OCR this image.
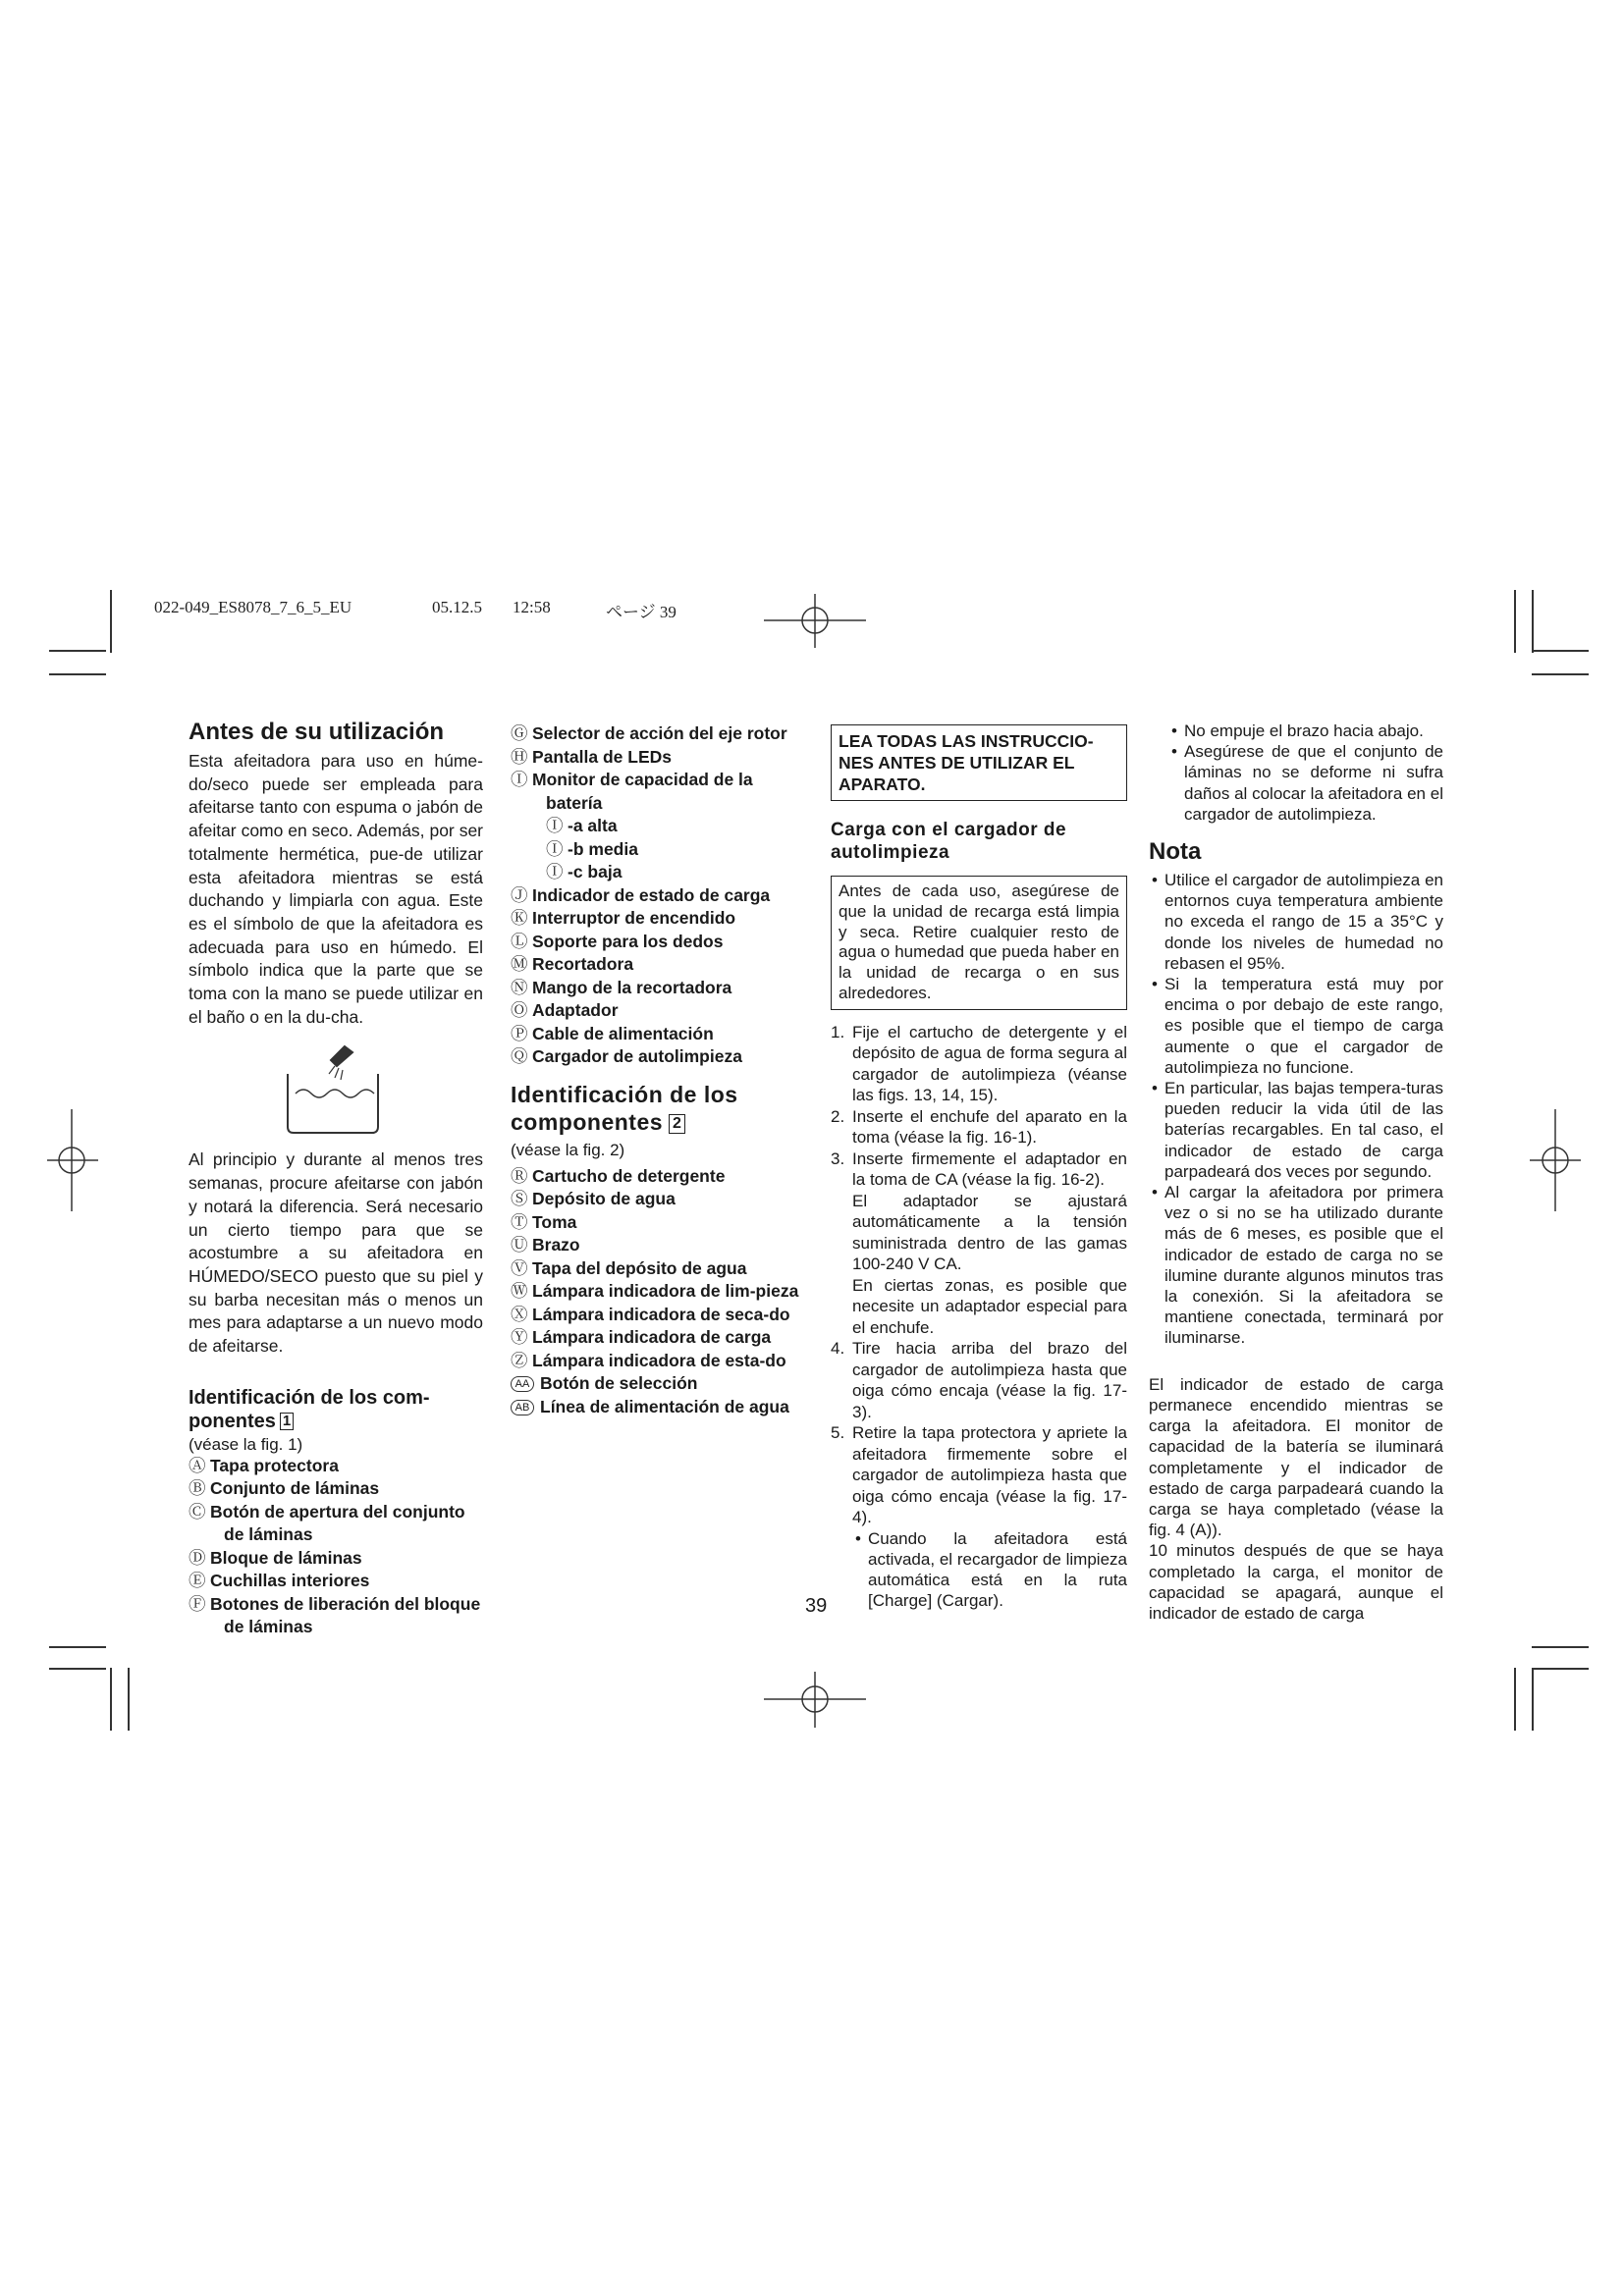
022-049_ES8078_7_6_5_EU	05.12.5 12:58	ページ 39
Antes de su utilización

Esta afeitadora para uso en húme-do/seco puede ser empleada para afeitarse tanto con espuma o jabón de afeitar como en seco. Además, por ser totalmente hermética, pue-de utilizar esta afeitadora mientras se está duchando y limpiarla con agua. Este es el símbolo de que la afeitadora es adecuada para uso en húmedo. El símbolo indica que la parte que se toma con la mano se puede utilizar en el baño o en la du-cha.

Al principio y durante al menos tres semanas, procure afeitarse con jabón y notará la diferencia. Será necesario un cierto tiempo para que se acostumbre a su afeitadora en HÚMEDO/SECO puesto que su piel y su barba necesitan más o menos un mes para adaptarse a un nuevo modo de afeitarse.

Identificación de los com-ponentes 1
(véase la fig. 1)
Ⓐ Tapa protectora
Ⓑ Conjunto de láminas
Ⓒ Botón de apertura del conjunto de láminas
Ⓓ Bloque de láminas
Ⓔ Cuchillas interiores
Ⓕ Botones de liberación del bloque de láminas
Ⓖ Selector de acción del eje rotor
Ⓗ Pantalla de LEDs
Ⓘ Monitor de capacidad de la batería
Ⓘ -a alta
Ⓘ -b media
Ⓘ -c baja
Ⓙ Indicador de estado de carga
Ⓚ Interruptor de encendido
Ⓛ Soporte para los dedos
Ⓜ Recortadora
Ⓝ Mango de la recortadora
Ⓞ Adaptador
Ⓟ Cable de alimentación
Ⓠ Cargador de autolimpieza
Identificación de los componentes 2
(véase la fig. 2)
Ⓡ Cartucho de detergente
Ⓢ Depósito de agua
Ⓣ Toma
Ⓤ Brazo
Ⓥ Tapa del depósito de agua
Ⓦ Lámpara indicadora de lim-pieza
Ⓧ Lámpara indicadora de seca-do
Ⓨ Lámpara indicadora de carga
Ⓩ Lámpara indicadora de esta-do
AA Botón de selección
AB Línea de alimentación de agua
LEA TODAS LAS INSTRUCCIO-NES ANTES DE UTILIZAR EL APARATO.
Carga con el cargador de autolimpieza
Antes de cada uso, asegúrese de que la unidad de recarga está limpia y seca. Retire cualquier resto de agua o humedad que pueda haber en la unidad de recarga o en sus alrededores.
1. Fije el cartucho de detergente y el depósito de agua de forma segura al cargador de autolimpieza (véanse las figs. 13, 14, 15).
2. Inserte el enchufe del aparato en la toma (véase la fig. 16-1).
3. Inserte firmemente el adaptador en la toma de CA (véase la fig. 16-2).
El adaptador se ajustará automáticamente a la tensión suministrada dentro de las gamas 100-240 V CA.
En ciertas zonas, es posible que necesite un adaptador especial para el enchufe.
4. Tire hacia arriba del brazo del cargador de autolimpieza hasta que oiga cómo encaja (véase la fig. 17-3).
5. Retire la tapa protectora y apriete la afeitadora firmemente sobre el cargador de autolimpieza hasta que oiga cómo encaja (véase la fig. 17-4).
• Cuando la afeitadora está activada, el recargador de limpieza automática está en la ruta [Charge] (Cargar).
• No empuje el brazo hacia abajo.
• Asegúrese de que el conjunto de láminas no se deforme ni sufra daños al colocar la afeitadora en el cargador de autolimpieza.
Nota
• Utilice el cargador de autolimpieza en entornos cuya temperatura ambiente no exceda el rango de 15 a 35°C y donde los niveles de humedad no rebasen el 95%.
• Si la temperatura está muy por encima o por debajo de este rango, es posible que el tiempo de carga aumente o que el cargador de autolimpieza no funcione.
• En particular, las bajas tempera-turas pueden reducir la vida útil de las baterías recargables. En tal caso, el indicador de estado de carga parpadeará dos veces por segundo.
• Al cargar la afeitadora por primera vez o si no se ha utilizado durante más de 6 meses, es posible que el indicador de estado de carga no se ilumine durante algunos minutos tras la conexión. Si la afeitadora se mantiene conectada, terminará por iluminarse.

El indicador de estado de carga permanece encendido mientras se carga la afeitadora. El monitor de capacidad de la batería se iluminará completamente y el indicador de estado de carga parpadeará cuando la carga se haya completado (véase la fig. 4 (A)).

10 minutos después de que se haya completado la carga, el monitor de capacidad se apagará, aunque el indicador de estado de carga

39
